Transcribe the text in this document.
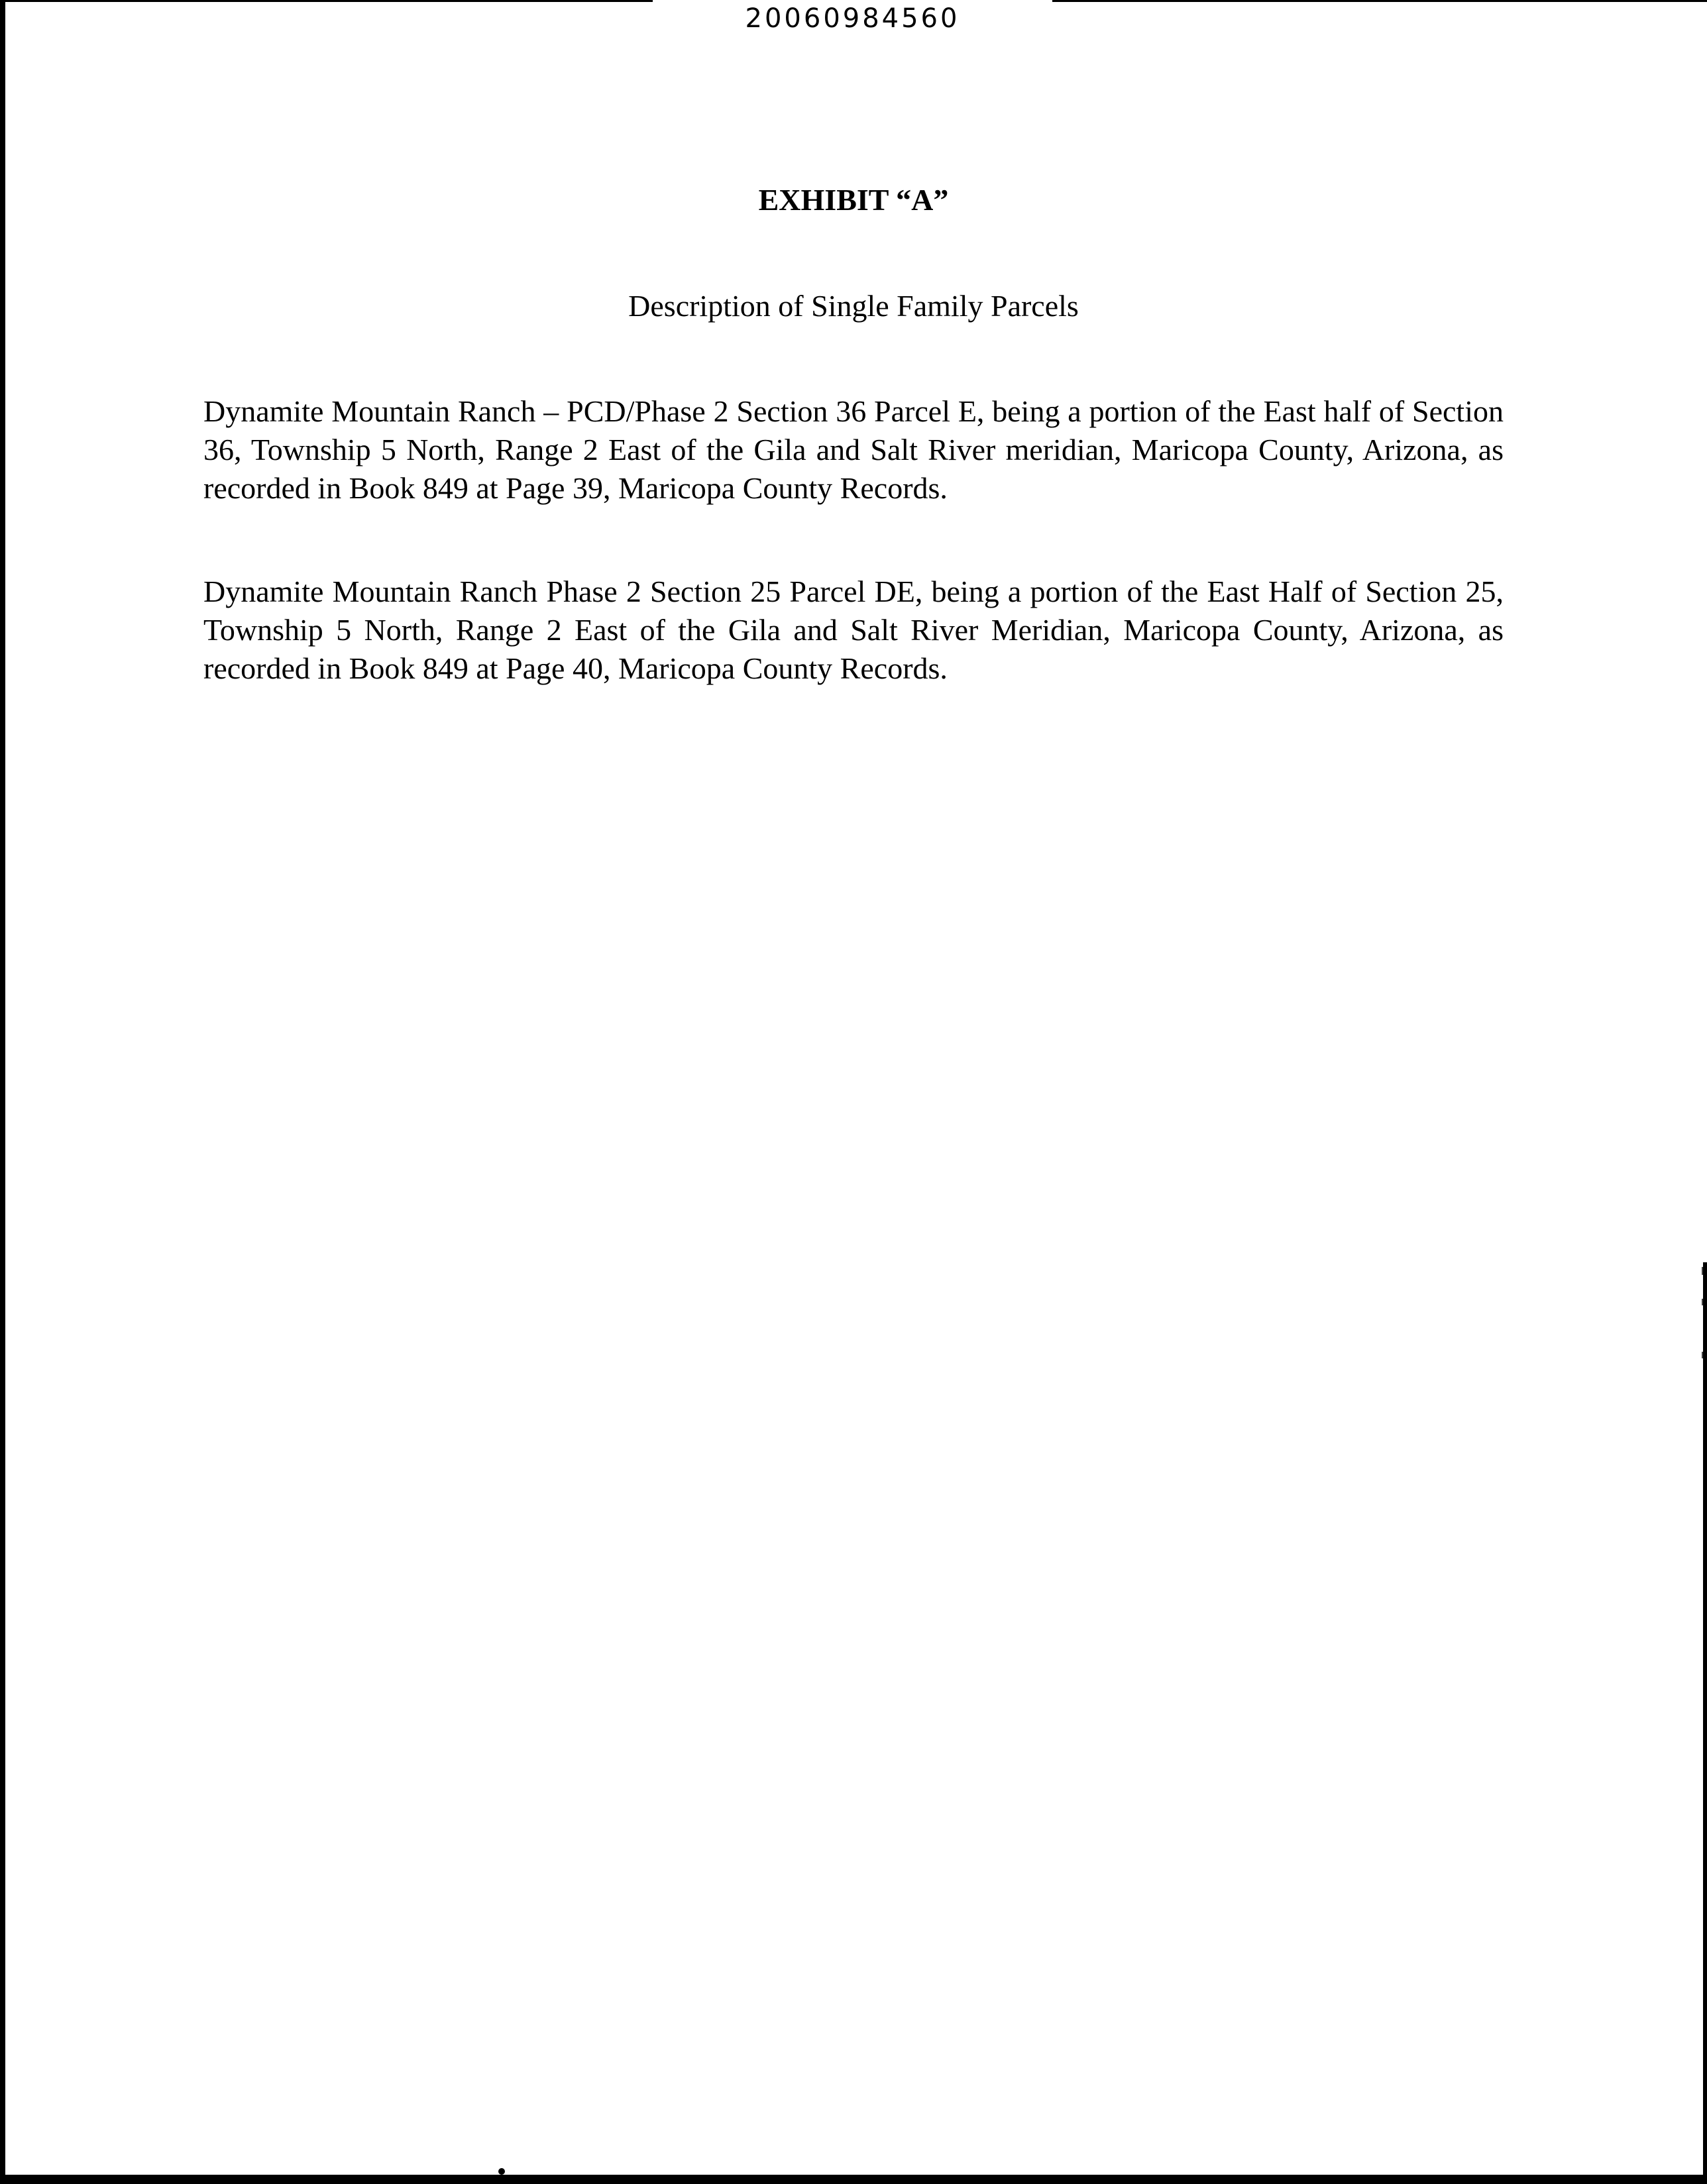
20060984560
EXHIBIT “A”
Description of Single Family Parcels

Dynamite Mountain Ranch – PCD/Phase 2 Section 36 Parcel E, being a portion of the East half of Section 36, Township 5 North, Range 2 East of the Gila and Salt River meridian, Maricopa County, Arizona, as recorded in Book 849 at Page 39, Maricopa County Records.

Dynamite Mountain Ranch Phase 2 Section 25 Parcel DE, being a portion of the East Half of Section 25, Township 5 North, Range 2 East of the Gila and Salt River Meridian, Maricopa County, Arizona, as recorded in Book 849 at Page 40, Maricopa County Records.
